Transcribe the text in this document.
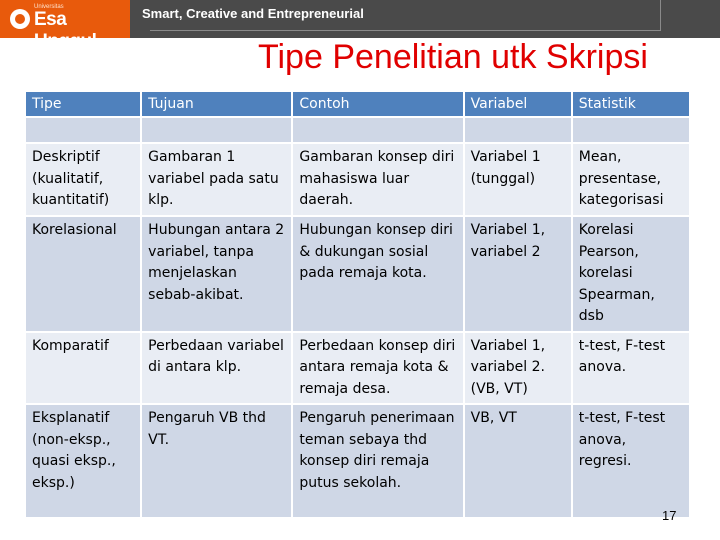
Universitas
Esa Unggul
Smart, Creative and Entrepreneurial
Tipe Penelitian utk Skripsi
Tipe	Tujuan	Contoh	Variabel	Statistik

Deskriptif (kualitatif, kuantitatif)	Gambaran 1 variabel pada satu klp.	Gambaran konsep diri mahasiswa luar daerah.	Variabel 1 (tunggal)	Mean, presentase, kategorisasi
Korelasional	Hubungan antara 2 variabel, tanpa menjelaskan sebab-akibat.	Hubungan konsep diri & dukungan sosial pada remaja kota.	Variabel 1, variabel 2	Korelasi Pearson, korelasi Spearman, dsb
Komparatif	Perbedaan variabel di antara klp.	Perbedaan konsep diri antara remaja kota & remaja desa.	Variabel 1, variabel 2. (VB, VT)	t-test, F-test anova.
Eksplanatif (non-eksp., quasi eksp., eksp.)	Pengaruh VB thd VT.	Pengaruh penerimaan teman sebaya thd konsep diri remaja putus sekolah.	VB, VT	t-test, F-test anova, regresi.
17
